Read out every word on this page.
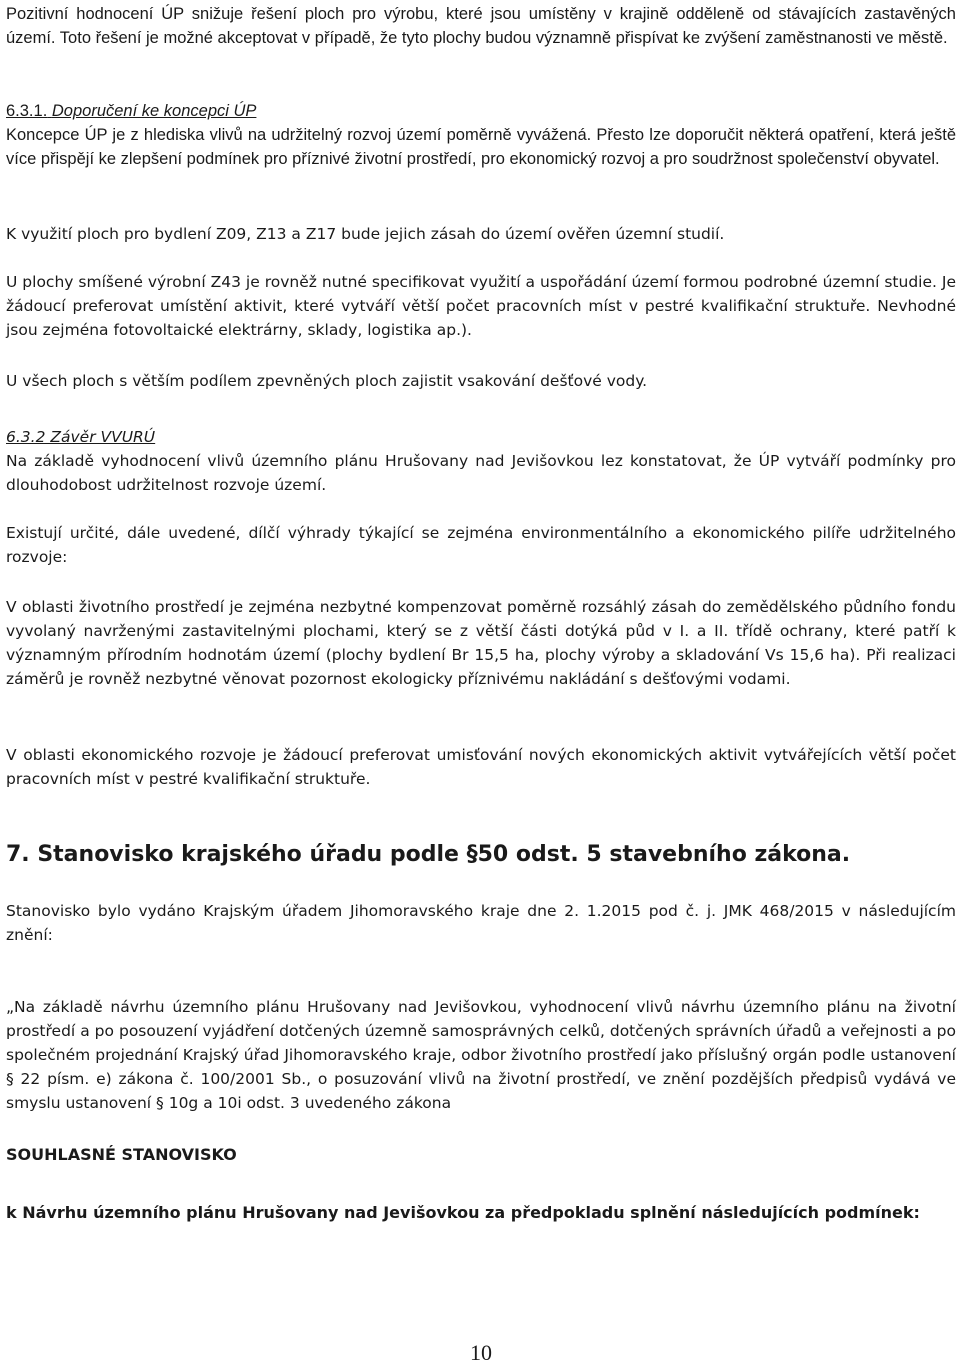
Pozitivní hodnocení ÚP snižuje řešení ploch pro výrobu, které jsou umístěny v krajině odděleně od stávajících zastavěných území. Toto řešení je možné akceptovat v případě, že tyto plochy budou významně přispívat ke zvýšení zaměstnanosti ve městě.

6.3.1. Doporučení ke koncepci ÚP

Koncepce ÚP je z hlediska vlivů na udržitelný rozvoj území poměrně vyvážená. Přesto lze doporučit některá opatření, která ještě více přispějí ke zlepšení podmínek pro příznivé životní prostředí, pro ekonomický rozvoj a pro soudržnost společenství obyvatel.

K využití ploch pro bydlení Z09, Z13 a Z17 bude jejich zásah do území ověřen územní studií.

U plochy smíšené výrobní Z43 je rovněž nutné specifikovat využití a uspořádání území formou podrobné územní studie. Je žádoucí preferovat umístění aktivit, které vytváří větší počet pracovních míst v pestré kvalifikační struktuře. Nevhodné jsou zejména fotovoltaické elektrárny, sklady, logistika ap.).

U všech ploch s větším podílem zpevněných ploch zajistit vsakování dešťové vody.

6.3.2 Závěr VVURÚ

Na základě vyhodnocení vlivů územního plánu Hrušovany nad Jevišovkou lez konstatovat, že ÚP vytváří podmínky pro dlouhodobost udržitelnost rozvoje území.

Existují určité, dále uvedené, dílčí výhrady týkající se zejména environmentálního a ekonomického pilíře udržitelného rozvoje:

V oblasti životního prostředí je zejména nezbytné kompenzovat poměrně rozsáhlý zásah do zemědělského půdního fondu vyvolaný navrženými zastavitelnými plochami, který se z větší části dotýká půd v I. a II. třídě ochrany, které patří k významným přírodním hodnotám území (plochy bydlení Br 15,5 ha, plochy výroby a skladování Vs 15,6 ha). Při realizaci záměrů je rovněž nezbytné věnovat pozornost ekologicky příznivému nakládání s dešťovými vodami.

V oblasti ekonomického rozvoje je žádoucí preferovat umisťování nových ekonomických aktivit vytvářejících větší počet pracovních míst v pestré kvalifikační struktuře.

7. Stanovisko krajského úřadu podle §50 odst. 5 stavebního zákona.

Stanovisko bylo vydáno Krajským úřadem Jihomoravského kraje dne 2. 1.2015 pod č. j. JMK 468/2015 v následujícím znění:

„Na základě návrhu územního plánu Hrušovany nad Jevišovkou, vyhodnocení vlivů návrhu územního plánu na životní prostředí a po posouzení vyjádření dotčených územně samosprávných celků, dotčených správních úřadů a veřejnosti a po společném projednání Krajský úřad Jihomoravského kraje, odbor životního prostředí jako příslušný orgán podle ustanovení § 22 písm. e) zákona č. 100/2001 Sb., o posuzování vlivů na životní prostředí, ve znění pozdějších předpisů vydává ve smyslu ustanovení § 10g a 10i odst. 3 uvedeného zákona

SOUHLASNÉ STANOVISKO

k Návrhu územního plánu Hrušovany nad Jevišovkou za předpokladu splnění následujících podmínek:

10
